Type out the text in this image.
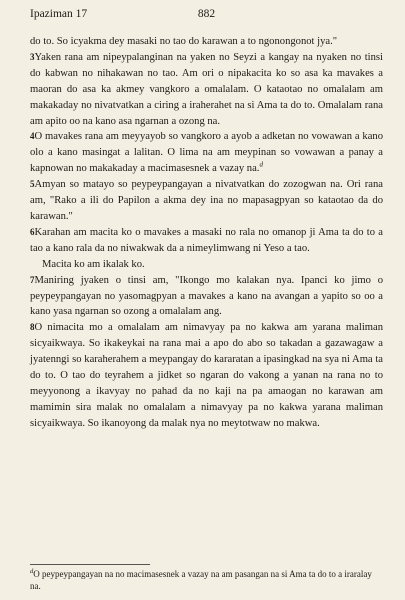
Ipaziman 17	882

do to. So icyakma dey masaki no tao do karawan a to ngonongonot jya."

3Yaken rana am nipeypalanginan na yaken no Seyzi a kangay na nyaken no tinsi do kabwan no nihakawan no tao. Am ori o nipakacita ko so asa ka mavakes a maoran do asa ka akmey vangkoro a omalalam. O kataotao no omalalam am makakaday no nivatvatkan a ciring a iraherahet na si Ama ta do to. Omalalam rana am apito oo na kano asa ngarnan a ozong na.

4O mavakes rana am meyyayob so vangkoro a ayob a adketan no vowawan a kano olo a kano masingat a lalitan. O lima na am meypinan so vowawan a panay a kapnowan no makakaday a macimasesnek a vazay na.$^d$

5Amyan so matayo so peypeypangayan a nivatvatkan do zozogwan na. Ori rana am, "Rako a ili do Papilon a akma dey ina no mapasagpyan so kataotao da do karawan."

6Karahan am macita ko o mavakes a masaki no rala no omanop ji Ama ta do to a tao a kano rala da no niwakwak da a nimeylimwang ni Yeso a tao.

Macita ko am ikalak ko.

7Maniring jyaken o tinsi am, "Ikongo mo kalakan nya. Ipanci ko jimo o peypeypangayan no yasomagpyan a mavakes a kano na avangan a yapito so oo a kano yasa ngarnan so ozong a omalalam ang.

8O nimacita mo a omalalam am nimavyay pa no kakwa am yarana maliman sicyaikwaya. So ikakeykai na rana mai a apo do abo so takadan a gazawagaw a jyatenngi so karaherahem a meypangay do kararatan a ipasingkad na sya ni Ama ta do to. O tao do teyrahem a jidket so ngaran do vakong a yanan na rana no to meyyonong a ikavyay no pahad da no kaji na pa amaogan no karawan am mamimin sira malak no omalalam a nimavyay pa no kakwa yarana maliman sicyaikwaya. So ikanoyong da malak nya no meytotwaw no makwa.

$^d$O peypeypangayan na no macimasesnek a vazay na am pasangan na si Ama ta do to a iraralay na.
